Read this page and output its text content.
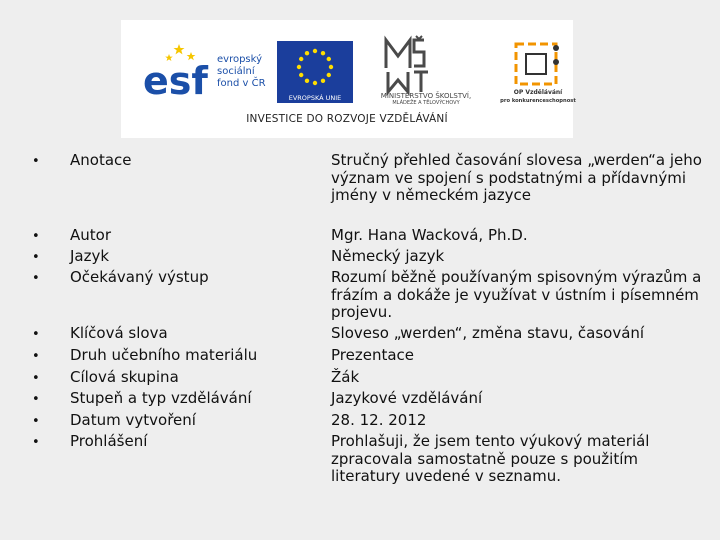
esf evropský
sociální
fond v ČR
EVROPSKÁ UNIE	MINISTERSTVO ŠKOLSTVÍ,
MLÁDEŽE A TĚLOVÝCHOVY
OP Vzdělávání
pro konkurenceschopnost
INVESTICE DO ROZVOJE VZDĚLÁVÁNÍ
• Anotace
• Autor
• Jazyk
• Očekávaný výstup
• Klíčová slova
• Druh učebního materiálu
• Cílová skupina
• Stupeň a typ vzdělávání
• Datum vytvoření
• Prohlášení
Stručný přehled časování slovesa „werden“a jeho význam ve spojení s podstatnými a přídavnými jmény v německém jazyce
Mgr. Hana Wacková, Ph.D.
Německý jazyk
Rozumí běžně používaným spisovným výrazům a frázím a dokáže je využívat v ústním i písemném projevu.
Sloveso „werden“, změna stavu, časování
Prezentace
Žák
Jazykové vzdělávání
28. 12. 2012
Prohlašuji, že jsem tento výukový materiál zpracovala samostatně pouze s použitím literatury uvedené v seznamu.
